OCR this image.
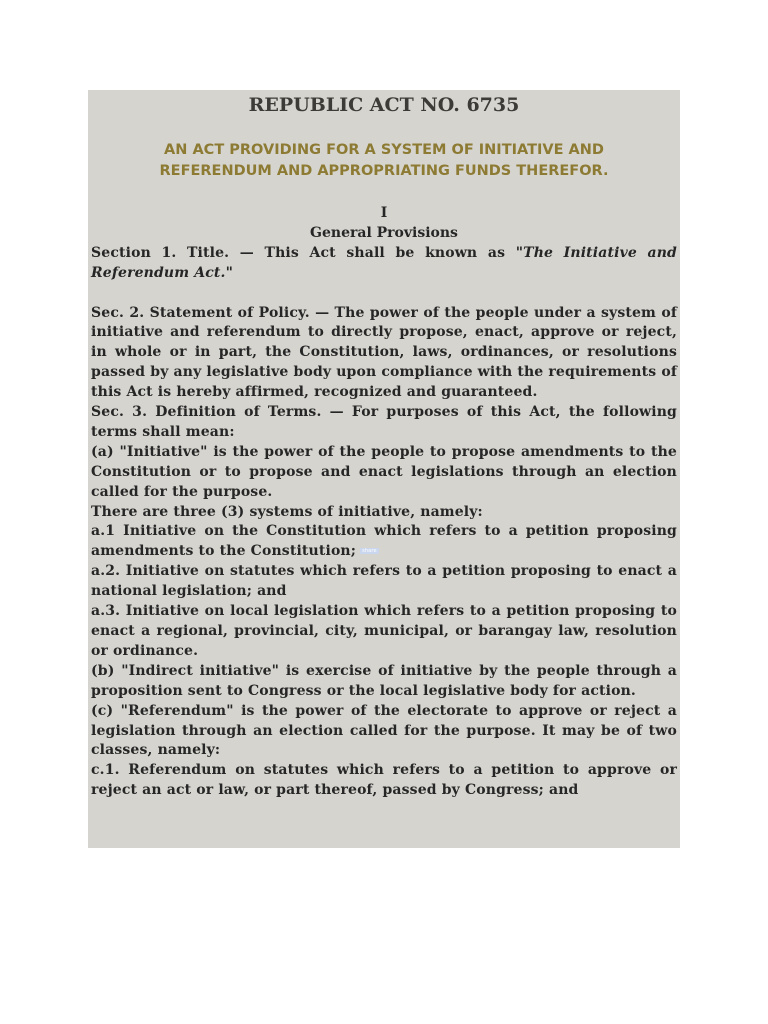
REPUBLIC ACT NO. 6735
AN ACT PROVIDING FOR A SYSTEM OF INITIATIVE AND
REFERENDUM AND APPROPRIATING FUNDS THEREFOR.

I

General Provisions

Section 1. Title. — This Act shall be known as "The Initiative and Referendum Act."

Sec. 2. Statement of Policy. — The power of the people under a system of initiative and referendum to directly propose, enact, approve or reject, in whole or in part, the Constitution, laws, ordinances, or resolutions passed by any legislative body upon compliance with the requirements of this Act is hereby affirmed, recognized and guaranteed.

Sec. 3. Definition of Terms. — For purposes of this Act, the following terms shall mean:

(a) "Initiative" is the power of the people to propose amendments to the Constitution or to propose and enact legislations through an election called for the purpose.

There are three (3) systems of initiative, namely:

a.1 Initiative on the Constitution which refers to a petition proposing amendments to the Constitution; share

a.2. Initiative on statutes which refers to a petition proposing to enact a national legislation; and

a.3. Initiative on local legislation which refers to a petition proposing to enact a regional, provincial, city, municipal, or barangay law, resolution or ordinance.

(b) "Indirect initiative" is exercise of initiative by the people through a proposition sent to Congress or the local legislative body for action.

(c) "Referendum" is the power of the electorate to approve or reject a legislation through an election called for the purpose. It may be of two classes, namely:

c.1. Referendum on statutes which refers to a petition to approve or reject an act or law, or part thereof, passed by Congress; and
